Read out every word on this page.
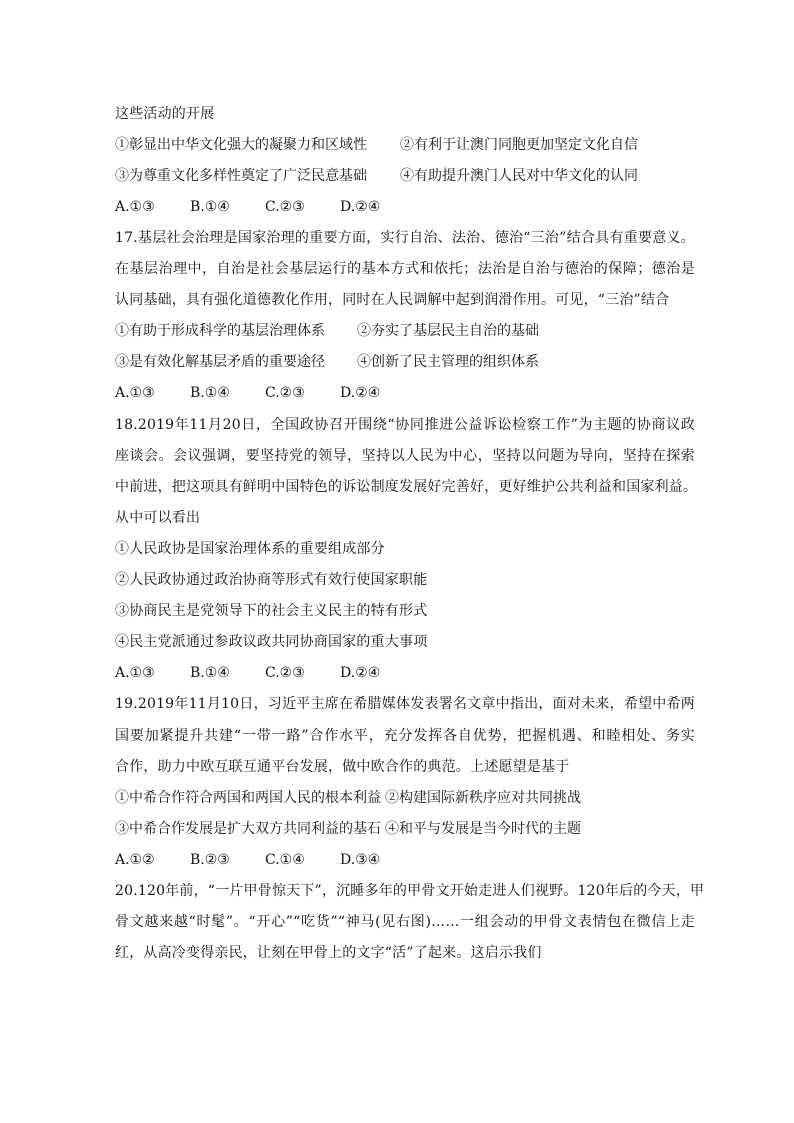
这些活动的开展
①彰显出中华文化强大的凝聚力和区域性 ②有利于让澳门同胞更加坚定文化自信
③为尊重文化多样性奠定了广泛民意基础 ④有助提升澳门人民对中华文化的认同
A.①③	B.①④	C.②③	D.②④
17.基层社会治理是国家治理的重要方面，实行自治、法治、德治“三治”结合具有重要意义。
在基层治理中，自治是社会基层运行的基本方式和依托；法治是自治与德治的保障；德治是
认同基础，具有强化道德教化作用，同时在人民调解中起到润滑作用。可见，“三治”结合
①有助于形成科学的基层治理体系 ②夯实了基层民主自治的基础
③是有效化解基层矛盾的重要途径 ④创新了民主管理的组织体系
A.①③	B.①④	C.②③	D.②④
18.2019年11月20日，全国政协召开围绕“协同推进公益诉讼检察工作”为主题的协商议政
座谈会。会议强调，要坚持党的领导，坚持以人民为中心，坚持以问题为导向，坚持在探索
中前进，把这项具有鲜明中国特色的诉讼制度发展好完善好，更好维护公共利益和国家利益。
从中可以看出
①人民政协是国家治理体系的重要组成部分
②人民政协通过政治协商等形式有效行使国家职能
③协商民主是党领导下的社会主义民主的特有形式
④民主党派通过参政议政共同协商国家的重大事项
A.①③	B.①④	C.②③	D.②④
19.2019年11月10日，习近平主席在希腊媒体发表署名文章中指出，面对未来，希望中希两
国要加紧提升共建“一带一路”合作水平，充分发挥各自优势，把握机遇、和睦相处、务实
合作，助力中欧互联互通平台发展，做中欧合作的典范。上述愿望是基于
①中希合作符合两国和两国人民的根本利益 ②构建国际新秩序应对共同挑战
③中希合作发展是扩大双方共同利益的基石 ④和平与发展是当今时代的主题
A.①②	B.②③	C.①④	D.③④
20.120年前，“一片甲骨惊天下”，沉睡多年的甲骨文开始走进人们视野。120年后的今天，甲
骨文越来越“时髦”。“开心”“吃货”“神马(见右图)……一组会动的甲骨文表情包在微信上走
红，从高冷变得亲民，让刻在甲骨上的文字“活”了起来。这启示我们
